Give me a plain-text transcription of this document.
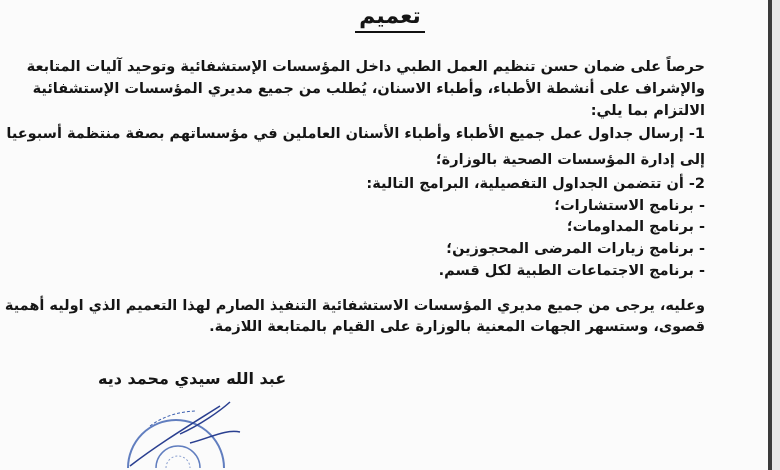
تعميم
حرصاً على ضمان حسن تنظيم العمل الطبي داخل المؤسسات الإستشفائية وتوحيد آليات المتابعة
والإشراف على أنشطة الأطباء، وأطباء الاسنان، يُطلب من جميع مديري المؤسسات الإستشفائية
الالتزام بما يلي:
1- إرسال جداول عمل جميع الأطباء وأطباء الأسنان العاملين في مؤسساتهم بصفة منتظمة أسبوعيا
إلى إدارة المؤسسات الصحية بالوزارة؛
2- أن تتضمن الجداول التفصيلية، البرامج التالية:
- برنامج الاستشارات؛
- برنامج المداومات؛
- برنامج زيارات المرضى المحجوزين؛
- برنامج الاجتماعات الطبية لكل قسم.
وعليه، يرجى من جميع مديري المؤسسات الاستشفائية التنفيذ الصارم لهذا التعميم الذي اوليه أهمية
قصوى، وستسهر الجهات المعنية بالوزارة على القيام بالمتابعة اللازمة.
عبد الله سيدي محمد ديه
